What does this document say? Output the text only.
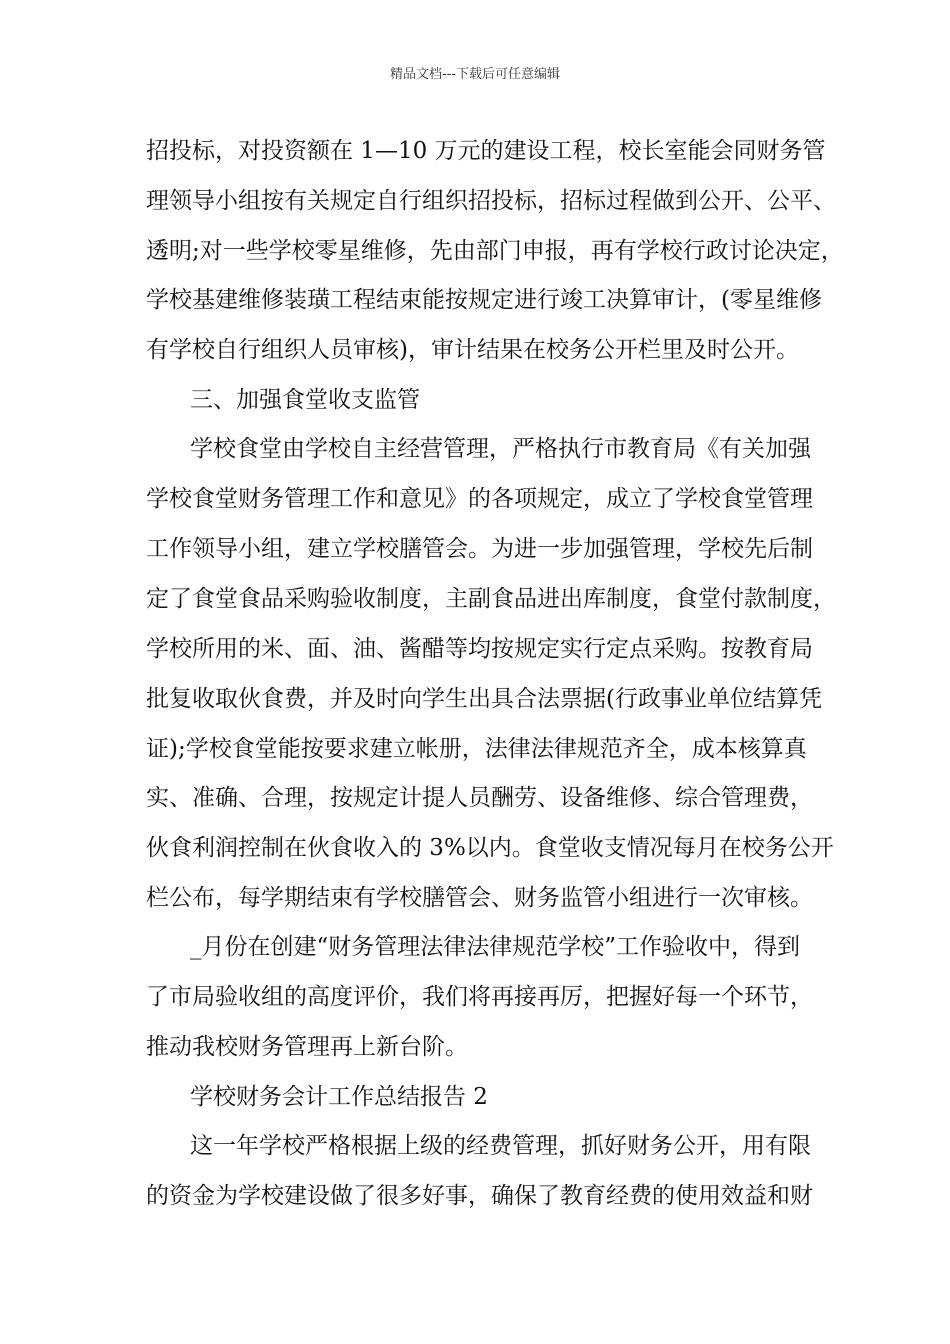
精品文档---下载后可任意编辑
招投标，对投资额在 1—10 万元的建设工程，校长室能会同财务管
理领导小组按有关规定自行组织招投标，招标过程做到公开、公平、
透明;对一些学校零星维修，先由部门申报，再有学校行政讨论决定，
学校基建维修装璜工程结束能按规定进行竣工决算审计，(零星维修
有学校自行组织人员审核)，审计结果在校务公开栏里及时公开。
三、加强食堂收支监管
学校食堂由学校自主经营管理，严格执行市教育局《有关加强
学校食堂财务管理工作和意见》的各项规定，成立了学校食堂管理
工作领导小组，建立学校膳管会。为进一步加强管理，学校先后制
定了食堂食品采购验收制度，主副食品进出库制度，食堂付款制度，
学校所用的米、面、油、酱醋等均按规定实行定点采购。按教育局
批复收取伙食费，并及时向学生出具合法票据(行政事业单位结算凭
证);学校食堂能按要求建立帐册，法律法律规范齐全，成本核算真
实、准确、合理，按规定计提人员酬劳、设备维修、综合管理费，
伙食利润控制在伙食收入的 3%以内。食堂收支情况每月在校务公开
栏公布，每学期结束有学校膳管会、财务监管小组进行一次审核。
_月份在创建“财务管理法律法律规范学校”工作验收中，得到
了市局验收组的高度评价，我们将再接再厉，把握好每一个环节，
推动我校财务管理再上新台阶。
学校财务会计工作总结报告 2
这一年学校严格根据上级的经费管理，抓好财务公开，用有限
的资金为学校建设做了很多好事，确保了教育经费的使用效益和财
